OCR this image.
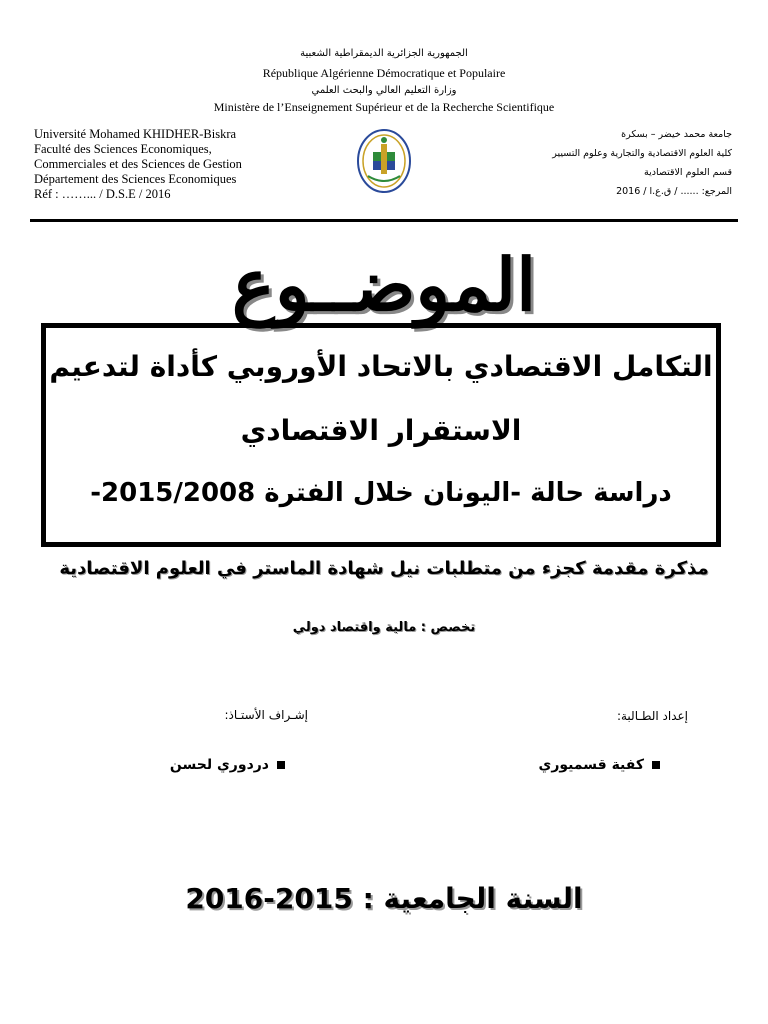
الجمهورية الجزائرية الديمقراطية الشعبية
République Algérienne Démocratique et Populaire
وزارة التعليم العالي والبحث العلمي
Ministère de l’Enseignement Supérieur et de la Recherche Scientifique
Université Mohamed KHIDHER-Biskra
Faculté des Sciences Economiques,
Commerciales et des Sciences de Gestion
Département des Sciences Economiques
Réf : ……... / D.S.E / 2016
جامعة محمد خيضر – بسكرة
كلية العلوم الاقتصادية والتجارية وعلوم التسيير
قسم العلوم الاقتصادية
المرجع: ...... / ق.ع.ا / 2016
الموضــوع
التكامل الاقتصادي بالاتحاد الأوروبي كأداة لتدعيم
الاستقرار الاقتصادي
دراسة حالة -اليونان خلال الفترة 2015/2008-
مذكرة مقدمة كجزء من متطلبات نيل شهادة الماستر في العلوم الاقتصادية
تخصص : مالية واقتصاد دولي
إعداد الطـالبة:
إشـراف الأستـاذ:
كفية قسميوري
دردوري لحسن
السنة الجامعية : 2015-2016
